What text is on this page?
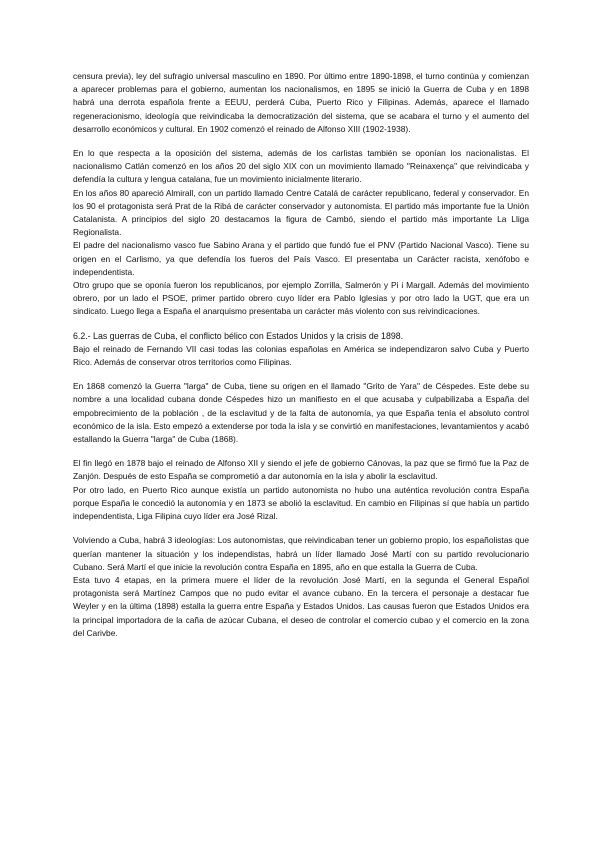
censura previa), ley del sufragio universal masculino en 1890. Por último entre 1890-1898, el turno continúa y comienzan a aparecer problemas para el gobierno, aumentan los nacionalismos, en 1895 se inició la Guerra de Cuba y en 1898 habrá una derrota española frente a EEUU, perderá Cuba, Puerto Rico y Filipinas. Además, aparece el llamado regeneracionismo, ideología que reivindicaba la democratización del sistema, que se acabara el turno y el aumento del desarrollo económicos y cultural. En 1902 comenzó el reinado de Alfonso XIII (1902-1938).

En lo que respecta a la oposición del sistema, además de los carlistas también se oponían los nacionalistas. El nacionalismo Catlán comenzó en los años 20 del siglo XIX con un movimiento llamado "Reinaxença" que reivindicaba y defendía la cultura y lengua catalana, fue un movimiento inicialmente literario.

En los años 80 apareció Almirall, con un partido llamado Centre Catalá de carácter republicano, federal y conservador. En los 90 el protagonista será Prat de la Ribá de carácter conservador y autonomista. El partido más importante fue la Unión Catalanista. A principios del siglo 20 destacamos la figura de Cambó, siendo el partido más importante La Lliga Regionalista.

El padre del nacionalismo vasco fue Sabino Arana y el partido que fundó fue el PNV (Partido Nacional Vasco). Tiene su origen en el Carlismo, ya que defendía los fueros del País Vasco. El presentaba un Carácter racista, xenófobo e independentista.

Otro grupo que se oponía fueron los republicanos, por ejemplo Zorrilla, Salmerón y Pi i Margall. Además del movimiento obrero, por un lado el PSOE, primer partido obrero cuyo líder era Pablo Iglesias y por otro lado la UGT, que era un sindicato. Luego llega a España el anarquismo presentaba un carácter más violento con sus reivindicaciones.

6.2.- Las guerras de Cuba, el conflicto bélico con Estados Unidos y la crisis de 1898.

Bajo el reinado de Fernando VII casi todas las colonias españolas en América se independizaron salvo Cuba y Puerto Rico. Además de conservar otros territorios como Filipinas.

En 1868 comenzó la Guerra "larga" de Cuba, tiene su origen en el llamado "Grito de Yara" de Céspedes. Este debe su nombre a una localidad cubana donde Céspedes hizo un manifiesto en el que acusaba y culpabilizaba a España del empobrecimiento de la población , de la esclavitud y de la falta de autonomía, ya que España tenía el absoluto control económico de la isla. Esto empezó a extenderse por toda la isla y se convirtió en manifestaciones, levantamientos y acabó estallando la Guerra "larga" de Cuba (1868).

El fin llegó en 1878 bajo el reinado de Alfonso XII y siendo el jefe de gobierno Cánovas, la paz que se firmó fue la Paz de Zanjón. Después de esto España se comprometió a dar autonomía en la isla y abolir la esclavitud.

Por otro lado, en Puerto Rico aunque existía un partido autonomista no hubo una auténtica revolución contra España porque España le concedió la autonomía y en 1873 se abolió la esclavitud. En cambio en Filipinas sí que había un partido independentista, Liga Filipina cuyo líder era José Rizal.

Volviendo a Cuba, habrá 3 ideologías: Los autonomistas, que reivindicaban tener un gobierno propio, los españolistas que querían mantener la situación y los independistas, habrá un líder llamado José Martí con su partido revolucionario Cubano. Será Martí el que inicie la revolución contra España en 1895, año en que estalla la Guerra de Cuba.

Esta tuvo 4 etapas, en la primera muere el líder de la revolución José Martí, en la segunda el General Español protagonista será Martínez Campos que no pudo evitar el avance cubano. En la tercera el personaje a destacar fue Weyler y en la última (1898) estalla la guerra entre España y Estados Unidos. Las causas fueron que Estados Unidos era la principal importadora de la caña de azúcar Cubana, el deseo de controlar el comercio cubao y el comercio en la zona del Carivbe.
